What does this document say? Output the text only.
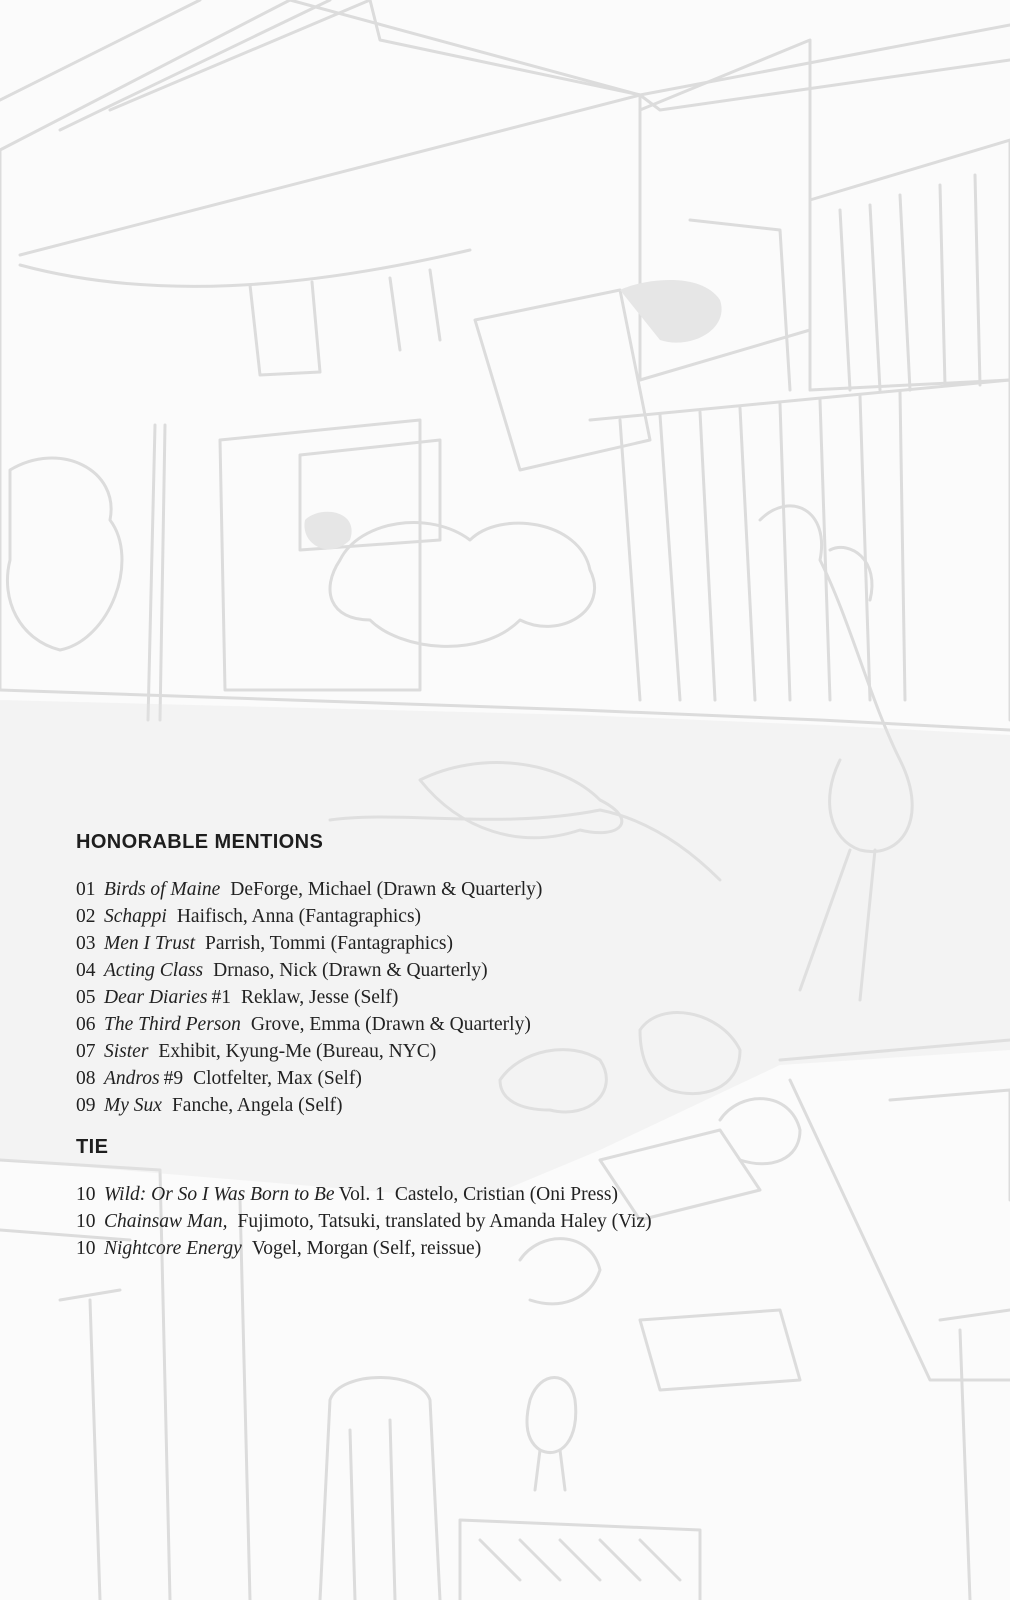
HONORABLE MENTIONS
01 Birds of Maine DeForge, Michael (Drawn & Quarterly)
02 Schappi Haifisch, Anna (Fantagraphics)
03 Men I Trust Parrish, Tommi (Fantagraphics)
04 Acting Class Drnaso, Nick (Drawn & Quarterly)
05 Dear Diaries #1 Reklaw, Jesse (Self)
06 The Third Person Grove, Emma (Drawn & Quarterly)
07 Sister Exhibit, Kyung-Me (Bureau, NYC)
08 Andros #9 Clotfelter, Max (Self)
09 My Sux Fanche, Angela (Self)
TIE
10 Wild: Or So I Was Born to Be Vol. 1 Castelo, Cristian (Oni Press)
10 Chainsaw Man, Fujimoto, Tatsuki, translated by Amanda Haley (Viz)
10 Nightcore Energy Vogel, Morgan (Self, reissue)
